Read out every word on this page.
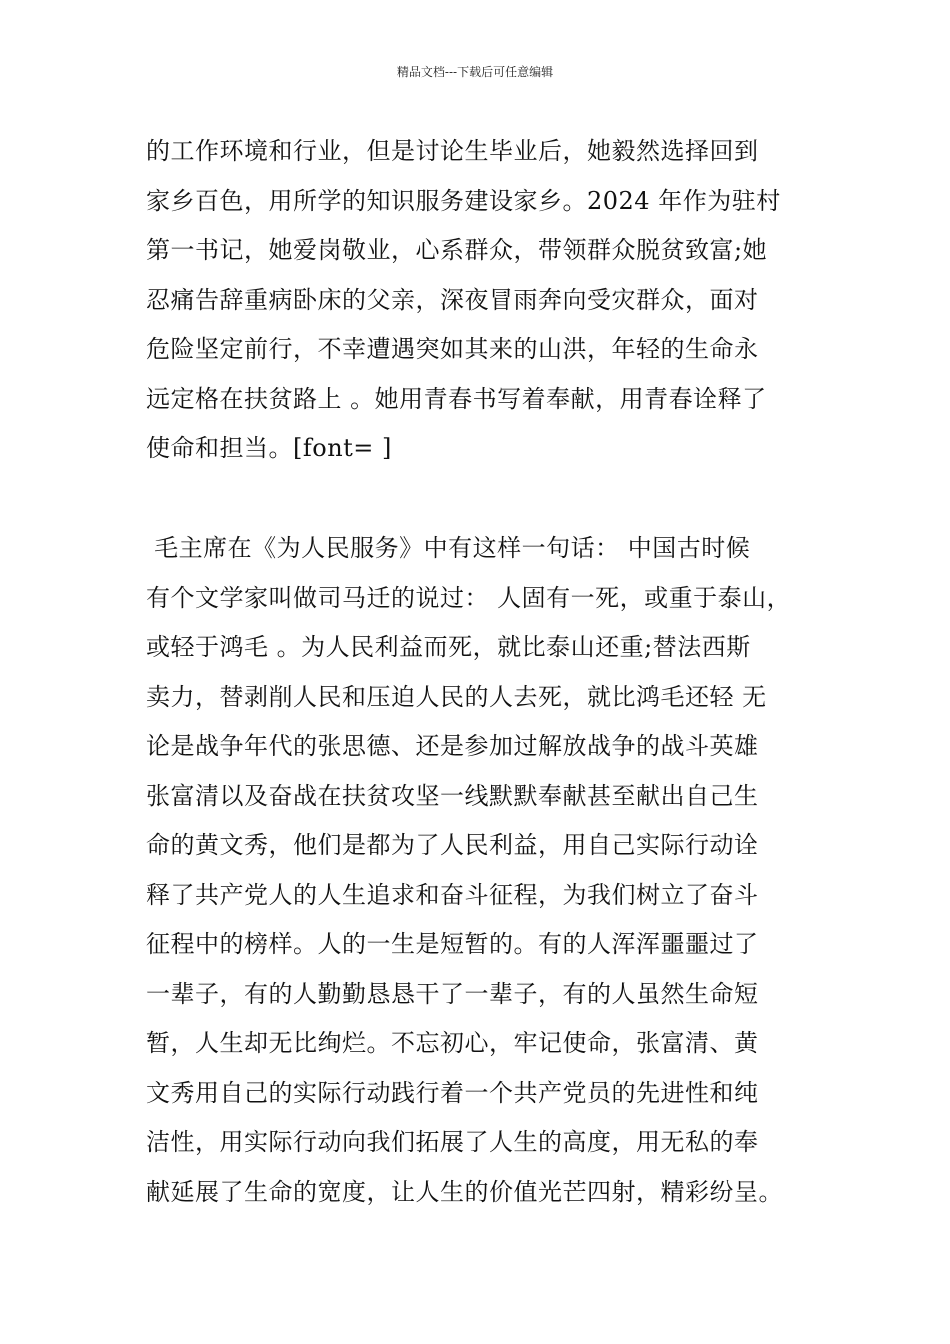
精品文档---下载后可任意编辑
的工作环境和行业，但是讨论生毕业后，她毅然选择回到
家乡百色，用所学的知识服务建设家乡。2024 年作为驻村
第一书记，她爱岗敬业，心系群众，带领群众脱贫致富;她
忍痛告辞重病卧床的父亲，深夜冒雨奔向受灾群众，面对
危险坚定前行，不幸遭遇突如其来的山洪，年轻的生命永
远定格在扶贫路上 。她用青春书写着奉献，用青春诠释了
使命和担当。[font= ]
毛主席在《为人民服务》中有这样一句话： 中国古时候
有个文学家叫做司马迁的说过： 人固有一死，或重于泰山，
或轻于鸿毛 。为人民利益而死，就比泰山还重;替法西斯
卖力，替剥削人民和压迫人民的人去死，就比鸿毛还轻 无
论是战争年代的张思德、还是参加过解放战争的战斗英雄
张富清以及奋战在扶贫攻坚一线默默奉献甚至献出自己生
命的黄文秀，他们是都为了人民利益，用自己实际行动诠
释了共产党人的人生追求和奋斗征程，为我们树立了奋斗
征程中的榜样。人的一生是短暂的。有的人浑浑噩噩过了
一辈子，有的人勤勤恳恳干了一辈子，有的人虽然生命短
暂，人生却无比绚烂。不忘初心，牢记使命，张富清、黄
文秀用自己的实际行动践行着一个共产党员的先进性和纯
洁性，用实际行动向我们拓展了人生的高度，用无私的奉
献延展了生命的宽度，让人生的价值光芒四射，精彩纷呈。
